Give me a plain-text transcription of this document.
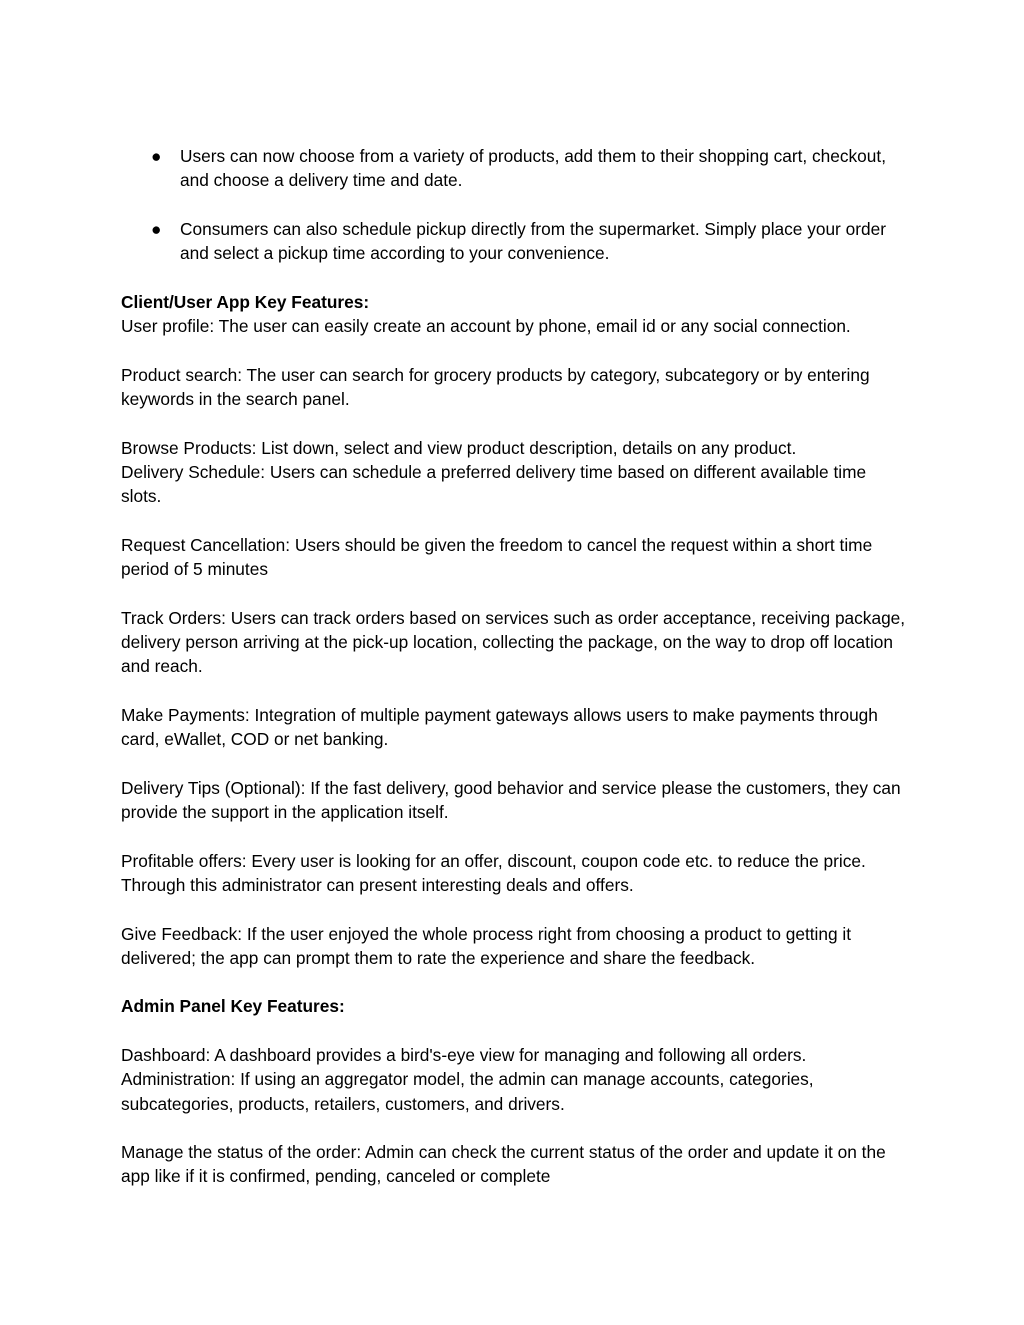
● Users can now choose from a variety of products, add them to their shopping cart, checkout, and choose a delivery time and date.
● Consumers can also schedule pickup directly from the supermarket. Simply place your order and select a pickup time according to your convenience.
Client/User App Key Features:
User profile: The user can easily create an account by phone, email id or any social connection.
Product search: The user can search for grocery products by category, subcategory or by entering keywords in the search panel.
Browse Products: List down, select and view product description, details on any product.
Delivery Schedule: Users can schedule a preferred delivery time based on different available time slots.
Request Cancellation: Users should be given the freedom to cancel the request within a short time period of 5 minutes
Track Orders: Users can track orders based on services such as order acceptance, receiving package, delivery person arriving at the pick-up location, collecting the package, on the way to drop off location and reach.
Make Payments: Integration of multiple payment gateways allows users to make payments through card, eWallet, COD or net banking.
Delivery Tips (Optional): If the fast delivery, good behavior and service please the customers, they can provide the support in the application itself.
Profitable offers: Every user is looking for an offer, discount, coupon code etc. to reduce the price. Through this administrator can present interesting deals and offers.
Give Feedback: If the user enjoyed the whole process right from choosing a product to getting it delivered; the app can prompt them to rate the experience and share the feedback.
Admin Panel Key Features:
Dashboard: A dashboard provides a bird's-eye view for managing and following all orders.
Administration: If using an aggregator model, the admin can manage accounts, categories, subcategories, products, retailers, customers, and drivers.
Manage the status of the order: Admin can check the current status of the order and update it on the app like if it is confirmed, pending, canceled or complete
